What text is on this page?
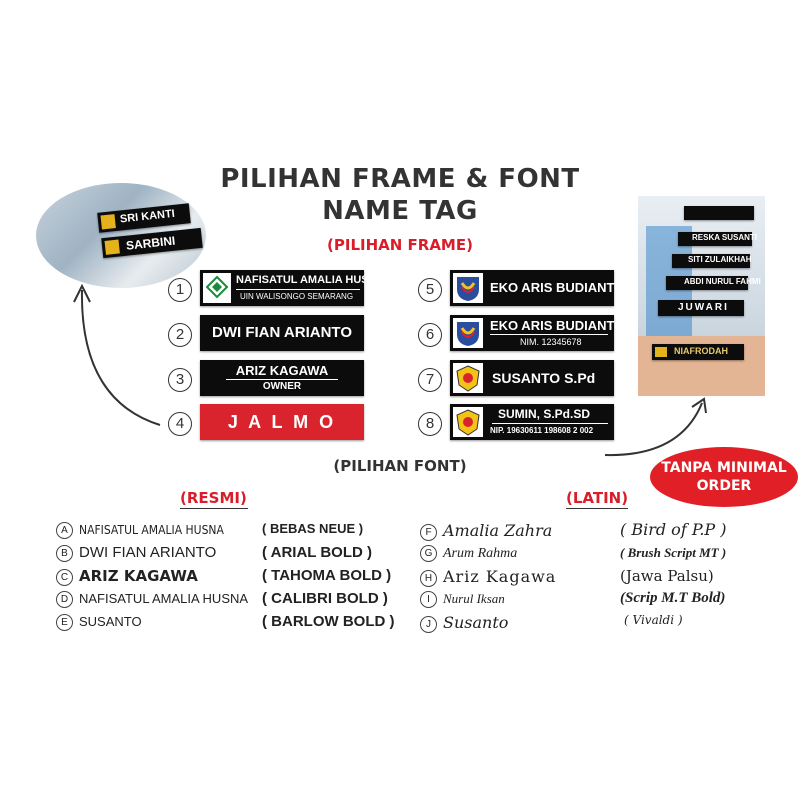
PILIHAN FRAME & FONT
NAME TAG
(PILIHAN FRAME)
SRI KANTI
SARBINI	RESKA SUSANTI
SITI ZULAIKHAH
ABDI NURUL FAHMI
JUWARI
NIAFRODAH
1
NAFISATUL AMALIA HUSNA
UIN WALISONGO SEMARANG
2	DWI FIAN ARIANTO
3
ARIZ KAGAWA
OWNER
4	J A L M O
5	EKO ARIS BUDIANTO
6
EKO ARIS BUDIANTO
NIM. 12345678
7	SUSANTO S.Pd
8
SUMIN, S.Pd.SD
NIP. 19630611 198608 2 002
TANPA MINIMAL
ORDER
(PILIHAN FONT)
(RESMI)	(LATIN)
A NAFISATUL AMALIA HUSNA	( BEBAS NEUE )
B DWI FIAN ARIANTO	( ARIAL BOLD )
C ARIZ KAGAWA	( TAHOMA BOLD )
D NAFISATUL AMALIA HUSNA ( CALIBRI BOLD )
E SUSANTO	( BARLOW BOLD )
F Amalia Zahra	( Bird of P.P )
G Arum Rahma	( Brush Script MT )
H Ariz Kagawa	(Jawa Palsu)
I Nurul Iksan	(Scrip M.T Bold)
J Susanto	( Vivaldi )
